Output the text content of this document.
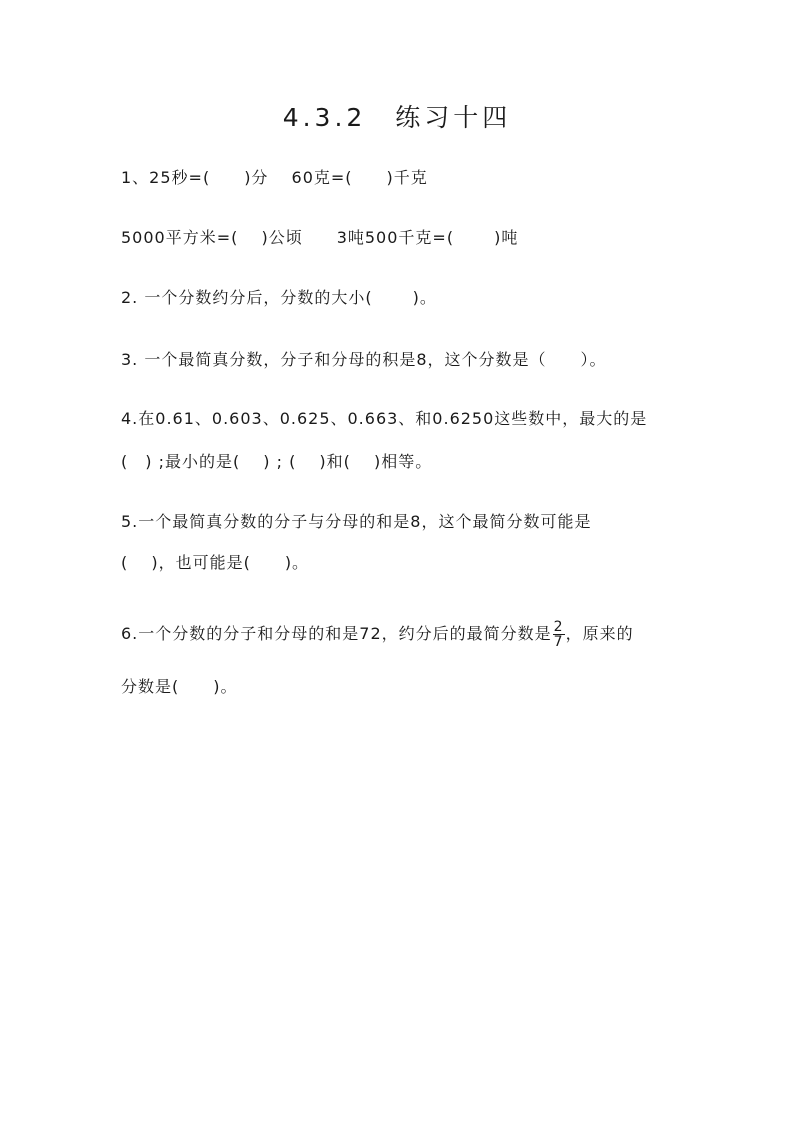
4.3.2　练习十四

1、25秒=(　　)分　 60克=(　　)千克

5000平方米=(　 )公顷　　3吨500千克=(　　 )吨

2. 一个分数约分后，分数的大小(　　 )。

3. 一个最简真分数，分子和分母的积是8，这个分数是（　　）。

4.在0.61、0.603、0.625、0.663、和0.6250这些数中，最大的是

(　) ;最小的是(　 ) ; (　 )和(　 )相等。

5.一个最简真分数的分子与分母的和是8，这个最简分数可能是

(　 )，也可能是(　　)。

6.一个分数的分子和分母的和是72，约分后的最简分数是 $\frac{2}{7}$ ，原来的

分数是(　　)。
